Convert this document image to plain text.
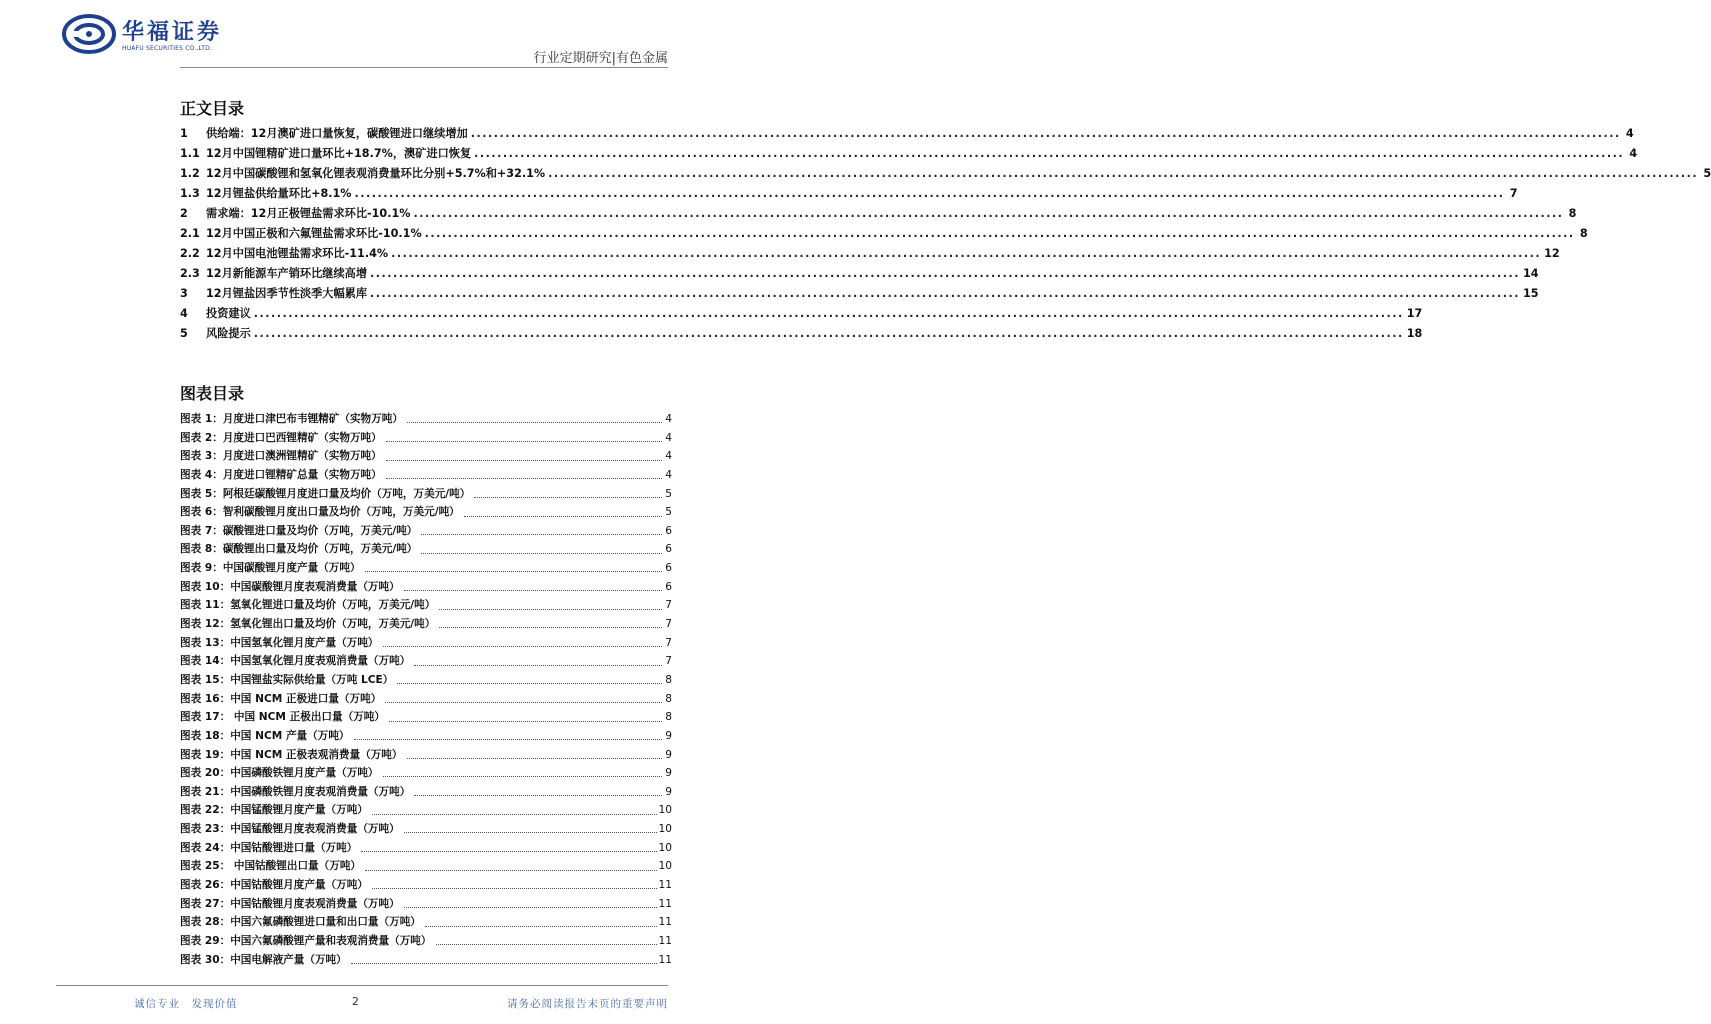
华福证券
HUAFU SECURITIES CO.,LTD.
行业定期研究|有色金属
正文目录
1	供给端：12月澳矿进口量恢复，碳酸锂进口继续增加 ........................................................................................................................................................................................................ 4
1.1 12月中国锂精矿进口量环比+18.7%，澳矿进口恢复 ........................................................................................................................................................................................................ 4
1.2 12月中国碳酸锂和氢氧化锂表观消费量环比分别+5.7%和+32.1% ........................................................................................................................................................................................................ 5
1.3 12月锂盐供给量环比+8.1% ........................................................................................................................................................................................................ 7
2	需求端：12月正极锂盐需求环比-10.1% ........................................................................................................................................................................................................ 8
2.1 12月中国正极和六氟锂盐需求环比-10.1% ........................................................................................................................................................................................................ 8
2.2 12月中国电池锂盐需求环比-11.4% ........................................................................................................................................................................................................ 12
2.3 12月新能源车产销环比继续高增 ........................................................................................................................................................................................................ 14
3	12月锂盐因季节性淡季大幅累库 ........................................................................................................................................................................................................ 15
4	投资建议 ........................................................................................................................................................................................................ 17
5	风险提示 ........................................................................................................................................................................................................ 18
图表目录
图表 1：月度进口津巴布韦锂精矿（实物万吨）	4
图表 2：月度进口巴西锂精矿（实物万吨）	4
图表 3：月度进口澳洲锂精矿（实物万吨）	4
图表 4：月度进口锂精矿总量（实物万吨）	4
图表 5：阿根廷碳酸锂月度进口量及均价（万吨，万美元/吨）	5
图表 6：智利碳酸锂月度出口量及均价（万吨，万美元/吨）	5
图表 7：碳酸锂进口量及均价（万吨，万美元/吨）	6
图表 8：碳酸锂出口量及均价（万吨，万美元/吨）	6
图表 9：中国碳酸锂月度产量（万吨）	6
图表 10：中国碳酸锂月度表观消费量（万吨）	6
图表 11：氢氧化锂进口量及均价（万吨，万美元/吨）	7
图表 12：氢氧化锂出口量及均价（万吨，万美元/吨）	7
图表 13：中国氢氧化锂月度产量（万吨）	7
图表 14：中国氢氧化锂月度表观消费量（万吨）	7
图表 15：中国锂盐实际供给量（万吨 LCE）	8
图表 16：中国 NCM 正极进口量（万吨）	8
图表 17： 中国 NCM 正极出口量（万吨）	8
图表 18：中国 NCM 产量（万吨）	9
图表 19：中国 NCM 正极表观消费量（万吨）	9
图表 20：中国磷酸铁锂月度产量（万吨）	9
图表 21：中国磷酸铁锂月度表观消费量（万吨）	9
图表 22：中国锰酸锂月度产量（万吨）	10
图表 23：中国锰酸锂月度表观消费量（万吨）	10
图表 24：中国钴酸锂进口量（万吨）	10
图表 25： 中国钴酸锂出口量（万吨）	10
图表 26：中国钴酸锂月度产量（万吨）	11
图表 27：中国钴酸锂月度表观消费量（万吨）	11
图表 28：中国六氟磷酸锂进口量和出口量（万吨）	11
图表 29：中国六氟磷酸锂产量和表观消费量（万吨）	11
图表 30：中国电解液产量（万吨）	11
诚信专业　发现价值	2	请务必阅读报告末页的重要声明
